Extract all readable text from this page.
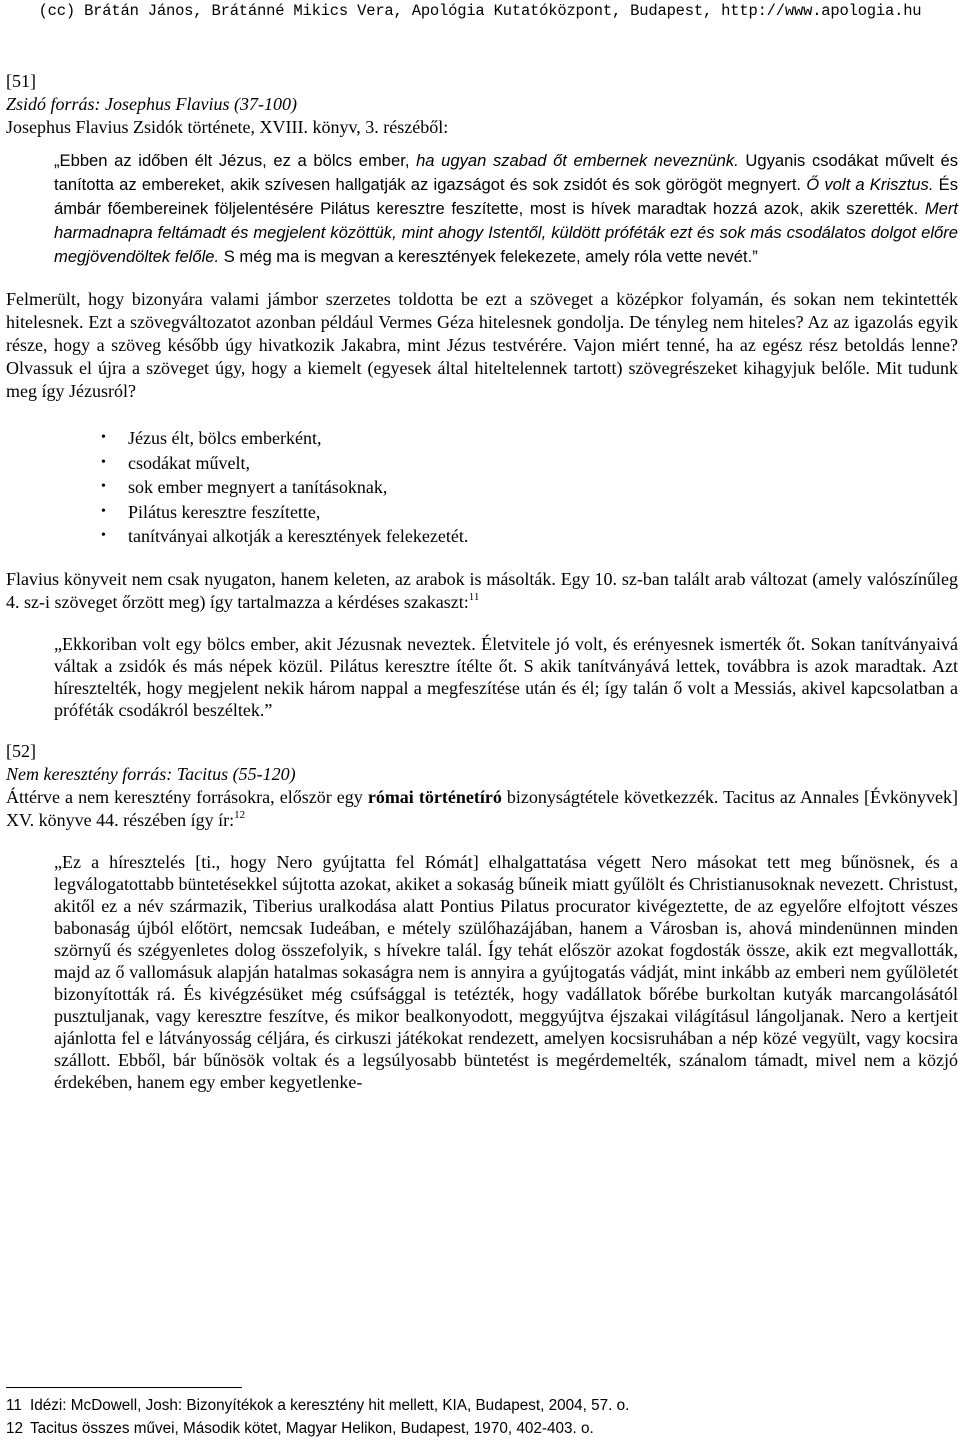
(cc) Brátán János, Brátánné Mikics Vera, Apológia Kutatóközpont, Budapest, http://www.apologia.hu
[51]
Zsidó forrás: Josephus Flavius (37-100)
Josephus Flavius Zsidók története, XVIII. könyv, 3. részéből:

„Ebben az időben élt Jézus, ez a bölcs ember, ha ugyan szabad őt embernek neveznünk. Ugyanis csodákat művelt és tanította az embereket, akik szívesen hallgatják az igazságot és sok zsidót és sok görögöt megnyert. Ő volt a Krisztus. És ámbár főembereinek följelentésére Pilátus keresztre feszítette, most is hívek maradtak hozzá azok, akik szerették. Mert harmadnapra feltámadt és megjelent közöttük, mint ahogy Istentől, küldött próféták ezt és sok más csodálatos dolgot előre megjövendöltek felőle. S még ma is megvan a keresztények felekezete, amely róla vette nevét.”

Felmerült, hogy bizonyára valami jámbor szerzetes toldotta be ezt a szöveget a középkor folyamán, és sokan nem tekintették hitelesnek. Ezt a szövegváltozatot azonban például Vermes Géza hitelesnek gondolja. De tényleg nem hiteles? Az az igazolás egyik része, hogy a szöveg később úgy hivatkozik Jakabra, mint Jézus testvérére. Vajon miért tenné, ha az egész rész betoldás lenne? Olvassuk el újra a szöveget úgy, hogy a kiemelt (egyesek által hiteltelennek tartott) szövegrészeket kihagyjuk belőle. Mit tudunk meg így Jézusról?

• Jézus élt, bölcs emberként,
• csodákat művelt,
• sok ember megnyert a tanításoknak,
• Pilátus keresztre feszítette,
• tanítványai alkotják a keresztények felekezetét.

Flavius könyveit nem csak nyugaton, hanem keleten, az arabok is másolták. Egy 10. sz-ban talált arab változat (amely valószínűleg 4. sz-i szöveget őrzött meg) így tartalmazza a kérdéses szakaszt:$^{11}$

„Ekkoriban volt egy bölcs ember, akit Jézusnak neveztek. Életvitele jó volt, és erényesnek ismerték őt. Sokan tanítványaivá váltak a zsidók és más népek közül. Pilátus keresztre ítélte őt. S akik tanítványává lettek, továbbra is azok maradtak. Azt híresztelték, hogy megjelent nekik három nappal a megfeszítése után és él; így talán ő volt a Messiás, akivel kapcsolatban a próféták csodákról beszéltek.”

[52]
Nem keresztény forrás: Tacitus (55-120)

Áttérve a nem keresztény forrásokra, először egy római történetíró bizonyságtétele következzék. Tacitus az Annales [Évkönyvek] XV. könyve 44. részében így ír:$^{12}$

„Ez a híresztelés [ti., hogy Nero gyújtatta fel Rómát] elhalgattatása végett Nero másokat tett meg bűnösnek, és a legválogatottabb büntetésekkel sújtotta azokat, akiket a sokaság bűneik miatt gyűlölt és Christianusoknak nevezett. Christust, akitől ez a név származik, Tiberius uralkodása alatt Pontius Pilatus procurator kivégeztette, de az egyelőre elfojtott vészes babonaság újból előtört, nemcsak Iudeában, e métely szülőhazájában, hanem a Városban is, ahová mindenünnen minden szörnyű és szégyenletes dolog összefolyik, s hívekre talál. Így tehát először azokat fogdosták össze, akik ezt megvallották, majd az ő vallomásuk alapján hatalmas sokaságra nem is annyira a gyújtogatás vádját, mint inkább az emberi nem gyűlöletét bizonyították rá. És kivégzésüket még csúfsággal is tetézték, hogy vadállatok bőrébe burkoltan kutyák marcangolásától pusztuljanak, vagy keresztre feszítve, és mikor bealkonyodott, meggyújtva éjszakai világításul lángoljanak. Nero a kertjeit ajánlotta fel e látványosság céljára, és cirkuszi játékokat rendezett, amelyen kocsisruhában a nép közé vegyült, vagy kocsira szállott. Ebből, bár bűnösök voltak és a legsúlyosabb büntetést is megérdemelték, szánalom támadt, mivel nem a közjó érdekében, hanem egy ember kegyetlenke-

11 Idézi: McDowell, Josh: Bizonyítékok a keresztény hit mellett, KIA, Budapest, 2004, 57. o.
12 Tacitus összes művei, Második kötet, Magyar Helikon, Budapest, 1970, 402-403. o.
